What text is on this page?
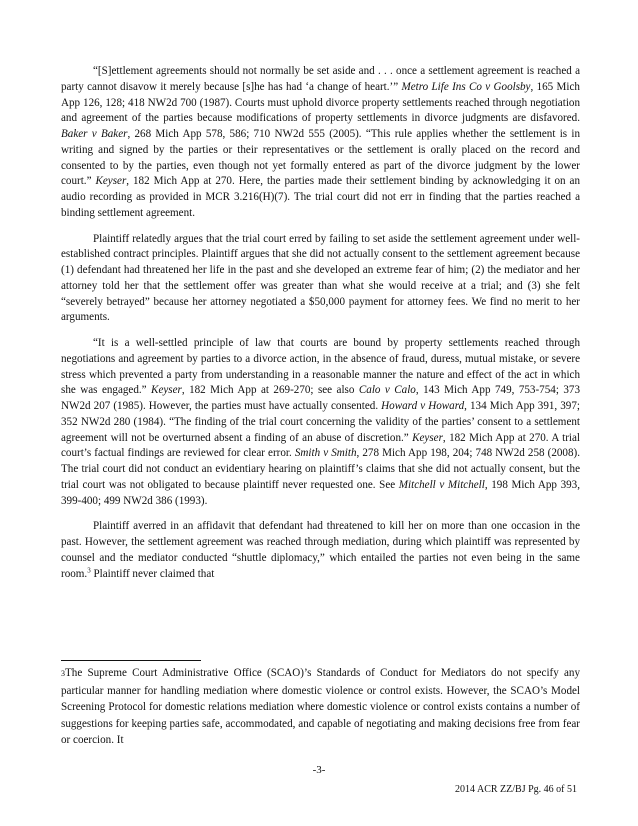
“[S]ettlement agreements should not normally be set aside and . . . once a settlement agreement is reached a party cannot disavow it merely because [s]he has had ‘a change of heart.’” Metro Life Ins Co v Goolsby, 165 Mich App 126, 128; 418 NW2d 700 (1987). Courts must uphold divorce property settlements reached through negotiation and agreement of the parties because modifications of property settlements in divorce judgments are disfavored. Baker v Baker, 268 Mich App 578, 586; 710 NW2d 555 (2005). “This rule applies whether the settlement is in writing and signed by the parties or their representatives or the settlement is orally placed on the record and consented to by the parties, even though not yet formally entered as part of the divorce judgment by the lower court.” Keyser, 182 Mich App at 270. Here, the parties made their settlement binding by acknowledging it on an audio recording as provided in MCR 3.216(H)(7). The trial court did not err in finding that the parties reached a binding settlement agreement.

Plaintiff relatedly argues that the trial court erred by failing to set aside the settlement agreement under well-established contract principles. Plaintiff argues that she did not actually consent to the settlement agreement because (1) defendant had threatened her life in the past and she developed an extreme fear of him; (2) the mediator and her attorney told her that the settlement offer was greater than what she would receive at a trial; and (3) she felt “severely betrayed” because her attorney negotiated a $50,000 payment for attorney fees. We find no merit to her arguments.

“It is a well-settled principle of law that courts are bound by property settlements reached through negotiations and agreement by parties to a divorce action, in the absence of fraud, duress, mutual mistake, or severe stress which prevented a party from understanding in a reasonable manner the nature and effect of the act in which she was engaged.” Keyser, 182 Mich App at 269-270; see also Calo v Calo, 143 Mich App 749, 753-754; 373 NW2d 207 (1985). However, the parties must have actually consented. Howard v Howard, 134 Mich App 391, 397; 352 NW2d 280 (1984). “The finding of the trial court concerning the validity of the parties’ consent to a settlement agreement will not be overturned absent a finding of an abuse of discretion.” Keyser, 182 Mich App at 270. A trial court’s factual findings are reviewed for clear error. Smith v Smith, 278 Mich App 198, 204; 748 NW2d 258 (2008). The trial court did not conduct an evidentiary hearing on plaintiff’s claims that she did not actually consent, but the trial court was not obligated to because plaintiff never requested one. See Mitchell v Mitchell, 198 Mich App 393, 399-400; 499 NW2d 386 (1993).

Plaintiff averred in an affidavit that defendant had threatened to kill her on more than one occasion in the past. However, the settlement agreement was reached through mediation, during which plaintiff was represented by counsel and the mediator conducted “shuttle diplomacy,” which entailed the parties not even being in the same room.$^3$ Plaintiff never claimed that

3The Supreme Court Administrative Office (SCAO)’s Standards of Conduct for Mediators do not specify any particular manner for handling mediation where domestic violence or control exists. However, the SCAO’s Model Screening Protocol for domestic relations mediation where domestic violence or control exists contains a number of suggestions for keeping parties safe, accommodated, and capable of negotiating and making decisions free from fear or coercion. It

-3-
2014 ACR ZZ/BJ Pg. 46 of 51
